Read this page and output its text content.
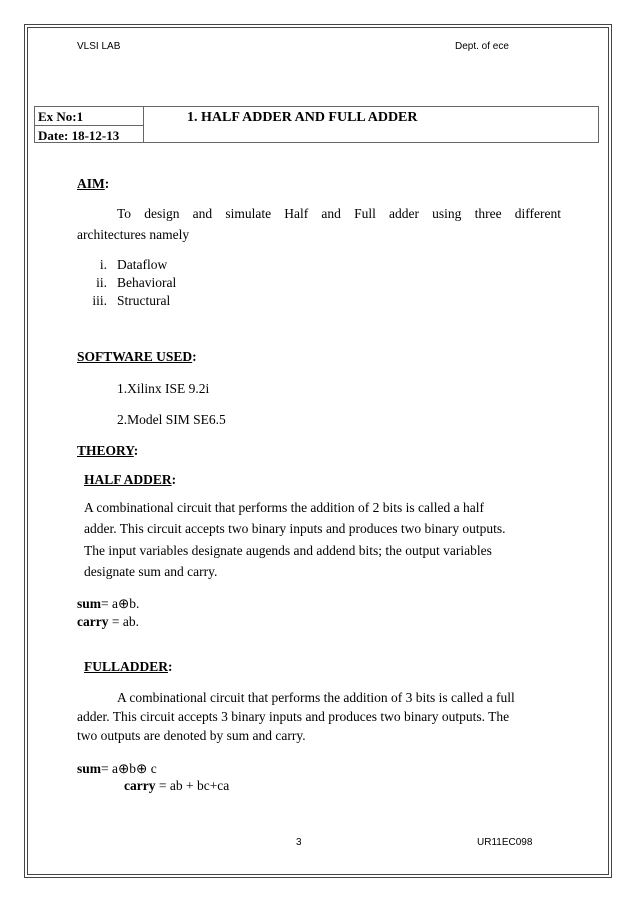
VLSI LAB	Dept. of ece
Ex No:1
Date: 18-12-13
1. HALF ADDER AND FULL ADDER
AIM:
To design and simulate Half and Full adder using three different
architectures namely
i. Dataflow
ii. Behavioral
iii. Structural
SOFTWARE USED:
1.Xilinx ISE 9.2i
2.Model SIM SE6.5
THEORY:
HALF ADDER:
A combinational circuit that performs the addition of 2 bits is called a half
adder. This circuit accepts two binary inputs and produces two binary outputs.
The input variables designate augends and addend bits; the output variables
designate sum and carry.
sum= a⊕b.
carry = ab.
FULLADDER:
A combinational circuit that performs the addition of 3 bits is called a full
adder. This circuit accepts 3 binary inputs and produces two binary outputs. The
two outputs are denoted by sum and carry.
sum= a⊕b⊕ c
carry = ab + bc+ca
3	UR11EC098
